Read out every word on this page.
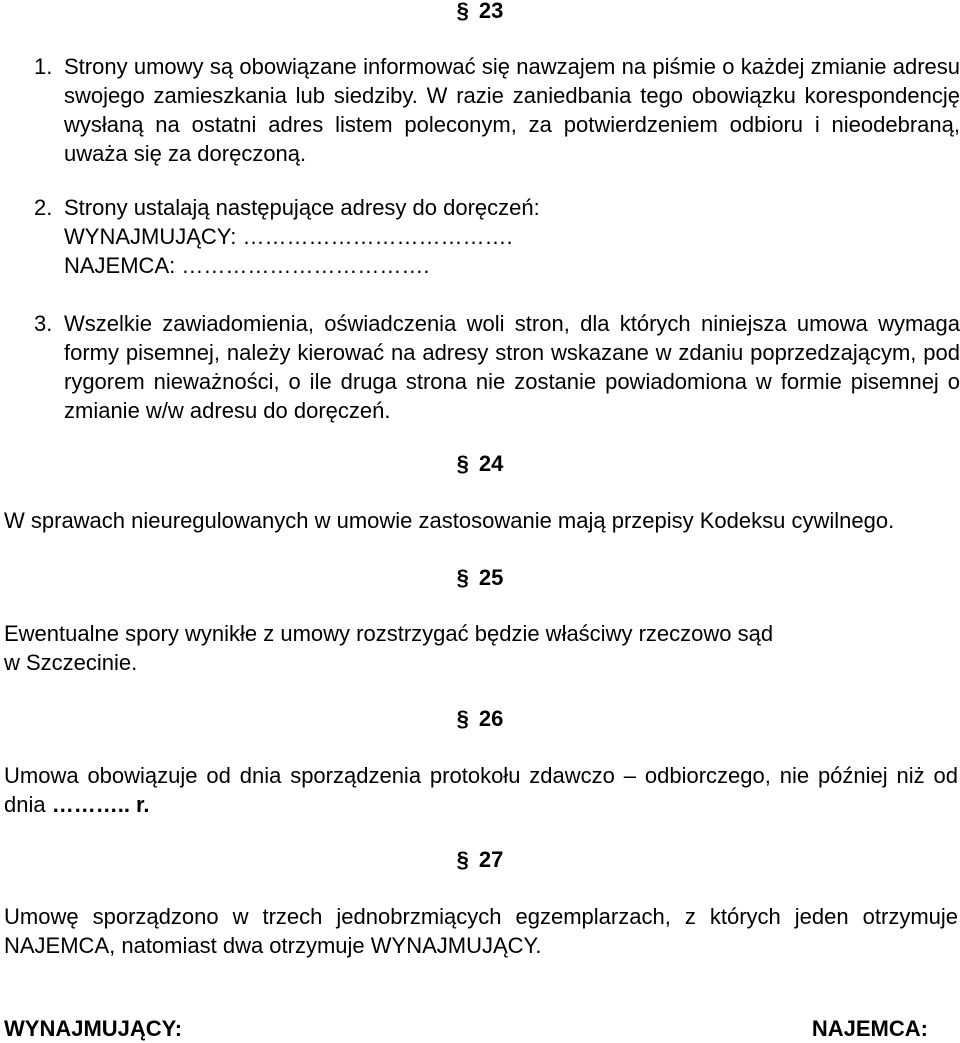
§ 23
1. Strony umowy są obowiązane informować się nawzajem na piśmie o każdej zmianie adresu swojego zamieszkania lub siedziby. W razie zaniedbania tego obowiązku korespondencję wysłaną na ostatni adres listem poleconym, za potwierdzeniem odbioru i nieodebraną, uważa się za doręczoną.
2. Strony ustalają następujące adresy do doręczeń:
WYNAJMUJĄCY: ……………………………….
NAJEMCA: …………………………….
3. Wszelkie zawiadomienia, oświadczenia woli stron, dla których niniejsza umowa wymaga formy pisemnej, należy kierować na adresy stron wskazane w zdaniu poprzedzającym, pod rygorem nieważności, o ile druga strona nie zostanie powiadomiona w formie pisemnej o zmianie w/w adresu do doręczeń.
§ 24
W sprawach nieuregulowanych w umowie zastosowanie mają przepisy Kodeksu cywilnego.
§ 25
Ewentualne spory wynikłe z umowy rozstrzygać będzie właściwy rzeczowo sąd
w Szczecinie.
§ 26
Umowa obowiązuje od dnia sporządzenia protokołu zdawczo – odbiorczego, nie później niż od dnia ……….. r.
§ 27
Umowę sporządzono w trzech jednobrzmiących egzemplarzach, z których jeden otrzymuje NAJEMCA, natomiast dwa otrzymuje WYNAJMUJĄCY.
WYNAJMUJĄCY:	NAJEMCA:
